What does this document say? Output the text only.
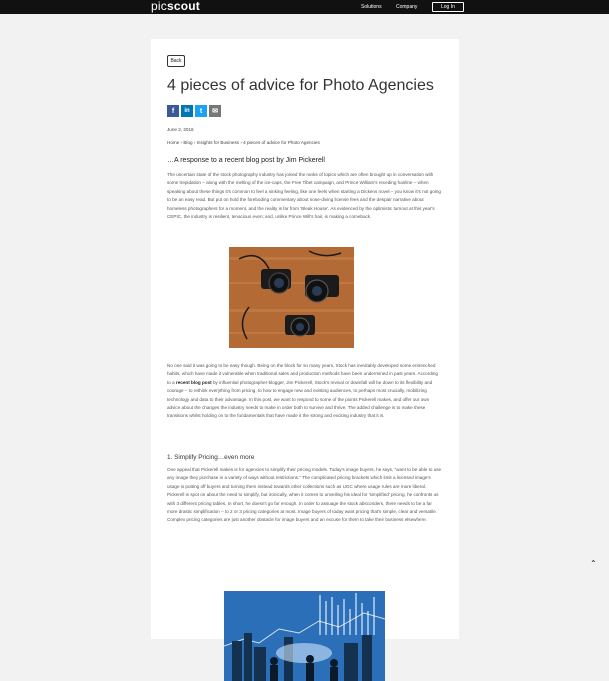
picscout	Solutions	Company	Log In
Back
4 pieces of advice for Photo Agencies
f	in	t	✉
June 2, 2016
Home › Blog › Insights for Business › 4 pieces of advice for Photo Agencies
…A response to a recent blog post by Jim Pickerell

The uncertain state of the stock photography industry has joined the ranks of topics which are often brought up in conversation with some trepidation – along with the melting of the ice-caps, the Free Tibet campaign, and Prince William's receding hairline – when speaking about these things it's common to feel a sinking feeling, like one feels when starting a Dickens novel – you know it's not going to be an easy read. But put on hold the foreboding commentary about nose-diving license fees and the despair narrative about homeless photographers for a moment, and the reality is far from 'Bleak House'. As evidenced by the optimistic turnout at this year's CEPIC, the industry is resilient, tenacious even; and, unlike Prince Will's hair, is making a comeback.

No one said it was going to be easy though. Being on the block for so many years, Stock has inevitably developed some entrenched habits, which have made it vulnerable when traditional sales and production methods have been undermined in past years. According to a recent blog post by influential photographer-blogger, Jim Pickerell, Stock's revival or downfall will be down to its flexibility and courage – to rethink everything from pricing, to how to engage new and existing audiences, to perhaps most crucially, mobilizing technology and data to their advantage. In this post, we want to respond to some of the points Pickerell makes, and offer our own advice about the changes the industry needs to make in order both to survive and thrive. The added challenge is to make these transitions whilst holding on to the fundamentals that have made it the strong and exciting industry that it is.

1. Simplify Pricing…even more

One appeal that Pickerell makes is for agencies to simplify their pricing models. Today's image buyers, he says, "want to be able to use any image they purchase in a variety of ways without restrictions." The complicated pricing brackets which limit a licensed image's usage is putting off buyers and turning them instead towards other collections such as UGC where usage rules are more liberal. Pickerell is spot on about the need to simplify, but ironically, when it comes to unveiling his ideal for 'simplified' pricing, he confronts us with 3 different pricing tables. In short, he doesn't go far enough. In order to assuage the stock absconders, there needs to be a far more drastic simplification – to 2 or 3 pricing categories at most. Image buyers of today want pricing that's simple, clear and versatile. Complex pricing categories are just another obstacle for image buyers and an excuse for them to take their business elsewhere.

⌃
